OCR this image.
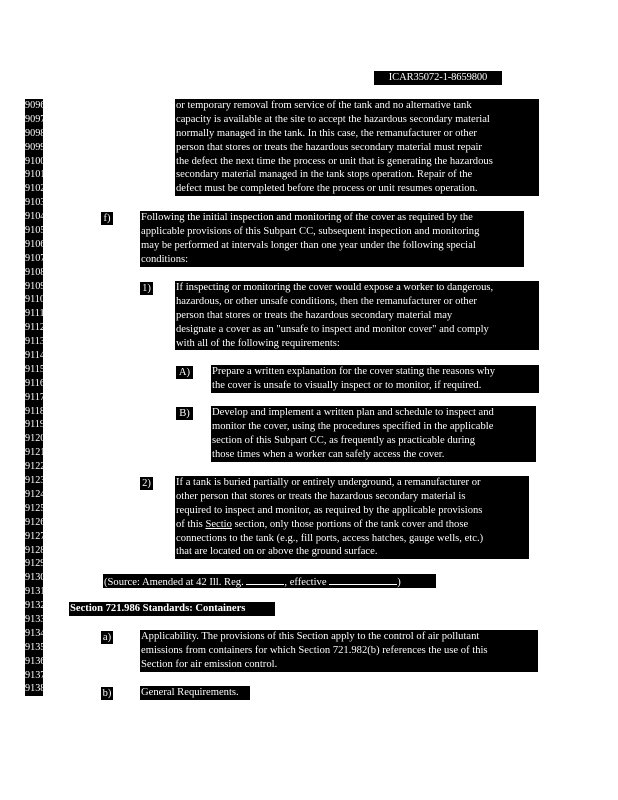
ICAR35072-1-8659800
9096
9097
9098
9099
9100
9101
9102
9103
9104
9105
9106
9107
9108
9109
9110
9111
9112
9113
9114
9115
9116
9117
9118
9119
9120
9121
9122
9123
9124
9125
9126
9127
9128
9129
9130
9131
9132
9133
9134
9135
9136
9137
9138
or temporary removal from service of the tank and no alternative tank
capacity is available at the site to accept the hazardous secondary material
normally managed in the tank. In this case, the remanufacturer or other
person that stores or treats the hazardous secondary material must repair
the defect the next time the process or unit that is generating the hazardous
secondary material managed in the tank stops operation. Repair of the
defect must be completed before the process or unit resumes operation.
f)	Following the initial inspection and monitoring of the cover as required by the
applicable provisions of this Subpart CC, subsequent inspection and monitoring
may be performed at intervals longer than one year under the following special
conditions:
1) If inspecting or monitoring the cover would expose a worker to dangerous,
hazardous, or other unsafe conditions, then the remanufacturer or other
person that stores or treats the hazardous secondary material may
designate a cover as an "unsafe to inspect and monitor cover" and comply
with all of the following requirements:
A) Prepare a written explanation for the cover stating the reasons why
the cover is unsafe to visually inspect or to monitor, if required.
B)	Develop and implement a written plan and schedule to inspect and
monitor the cover, using the procedures specified in the applicable
section of this Subpart CC, as frequently as practicable during
those times when a worker can safely access the cover.
2) If a tank is buried partially or entirely underground, a remanufacturer or
other person that stores or treats the hazardous secondary material is
required to inspect and monitor, as required by the applicable provisions
of this Sectio section, only those portions of the tank cover and those
connections to the tank (e.g., fill ports, access hatches, gauge wells, etc.)
that are located on or above the ground surface.
(Source: Amended at 42 Ill. Reg.	, effective	)
Section 721.986 Standards: Containers
a)	Applicability. The provisions of this Section apply to the control of air pollutant
emissions from containers for which Section 721.982(b) references the use of this
Section for air emission control.
b)	General Requirements.
